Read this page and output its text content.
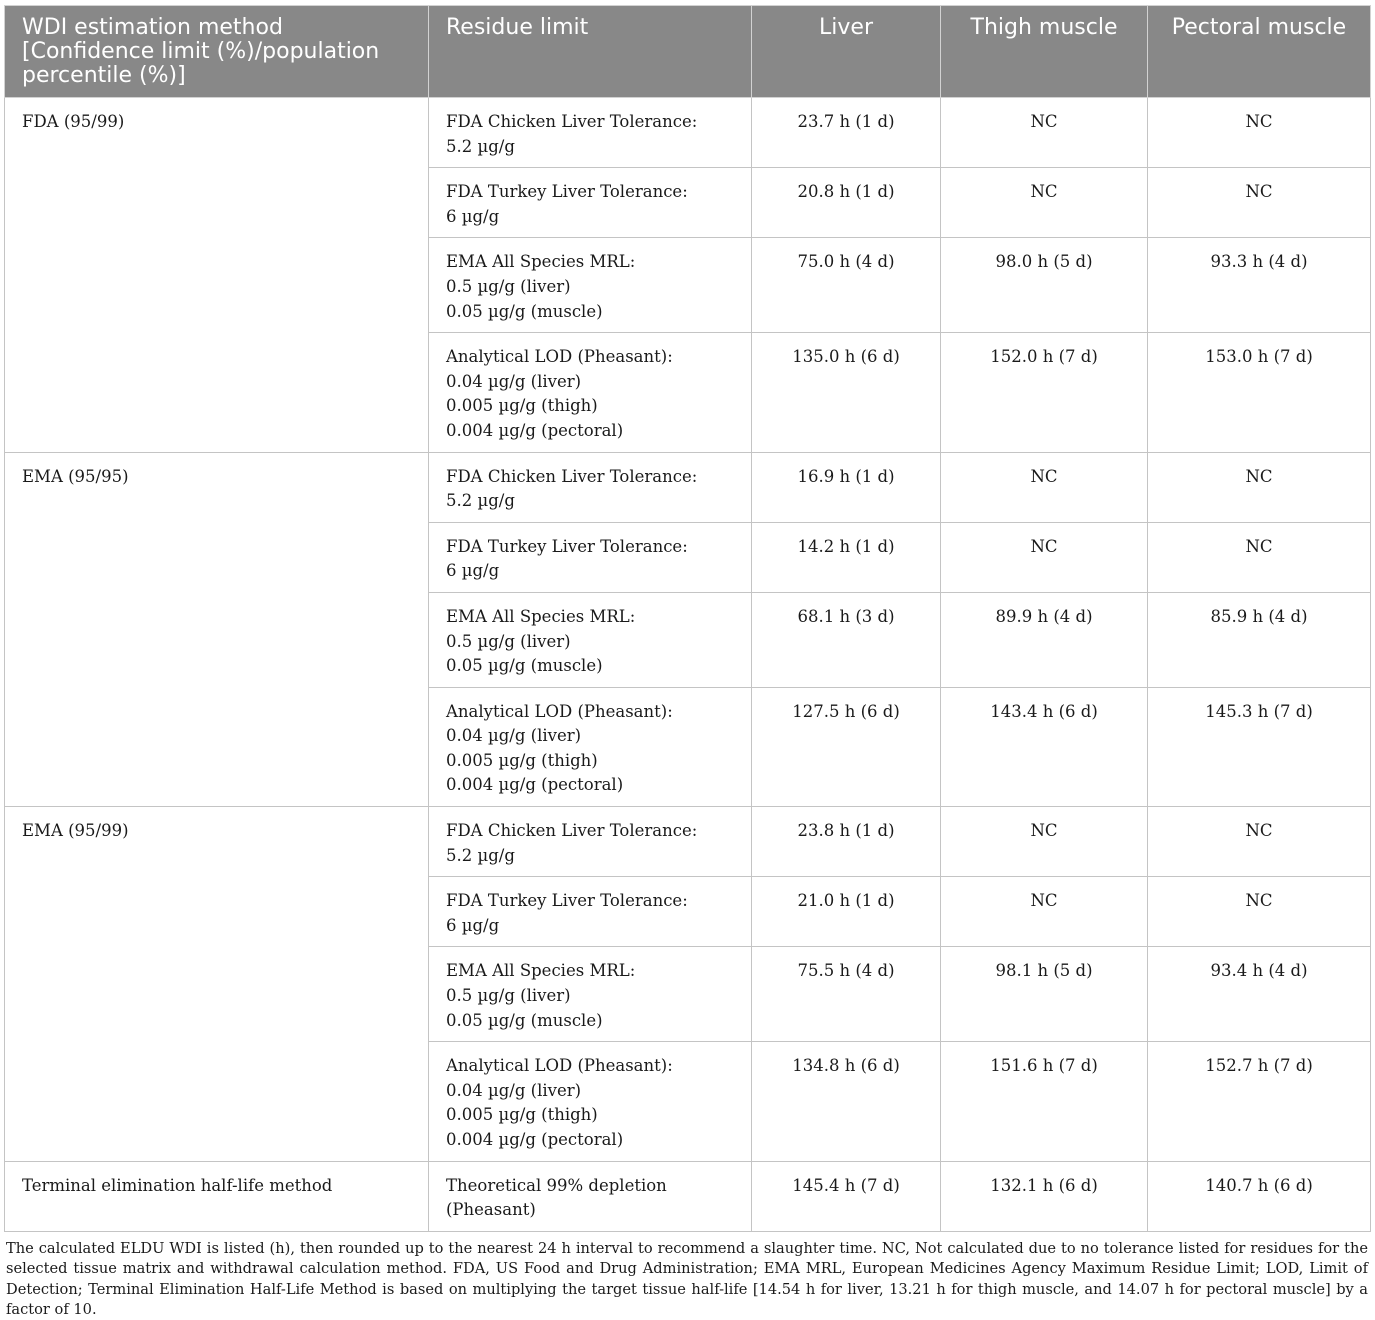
WDI estimation method
[Confidence limit (%)/population
percentile (%)]	Residue limit	Liver	Thigh muscle	Pectoral muscle

FDA (95/99)	FDA Chicken Liver Tolerance:
5.2 µg/g	23.7 h (1 d)	NC	NC

	FDA Turkey Liver Tolerance:
6 µg/g	20.8 h (1 d)	NC	NC

	EMA All Species MRL:
0.5 µg/g (liver)
0.05 µg/g (muscle)	75.0 h (4 d)	98.0 h (5 d)	93.3 h (4 d)

	Analytical LOD (Pheasant):
0.04 µg/g (liver)
0.005 µg/g (thigh)
0.004 µg/g (pectoral)	135.0 h (6 d)	152.0 h (7 d)	153.0 h (7 d)
EMA (95/95)	FDA Chicken Liver Tolerance:
5.2 µg/g	16.9 h (1 d)	NC	NC

	FDA Turkey Liver Tolerance:
6 µg/g	14.2 h (1 d)	NC	NC

	EMA All Species MRL:
0.5 µg/g (liver)
0.05 µg/g (muscle)	68.1 h (3 d)	89.9 h (4 d)	85.9 h (4 d)

	Analytical LOD (Pheasant):
0.04 µg/g (liver)
0.005 µg/g (thigh)
0.004 µg/g (pectoral)	127.5 h (6 d)	143.4 h (6 d)	145.3 h (7 d)
EMA (95/99)	FDA Chicken Liver Tolerance:
5.2 µg/g	23.8 h (1 d)	NC	NC

	FDA Turkey Liver Tolerance:
6 µg/g	21.0 h (1 d)	NC	NC

	EMA All Species MRL:
0.5 µg/g (liver)
0.05 µg/g (muscle)	75.5 h (4 d)	98.1 h (5 d)	93.4 h (4 d)

	Analytical LOD (Pheasant):
0.04 µg/g (liver)
0.005 µg/g (thigh)
0.004 µg/g (pectoral)	134.8 h (6 d)	151.6 h (7 d)	152.7 h (7 d)
Terminal elimination half-life method	Theoretical 99% depletion
(Pheasant)	145.4 h (7 d)	132.1 h (6 d)	140.7 h (6 d)
The calculated ELDU WDI is listed (h), then rounded up to the nearest 24 h interval to recommend a slaughter time. NC, Not calculated due to no tolerance listed for residues for the selected tissue matrix and withdrawal calculation method. FDA, US Food and Drug Administration; EMA MRL, European Medicines Agency Maximum Residue Limit; LOD, Limit of Detection; Terminal Elimination Half-Life Method is based on multiplying the target tissue half-life [14.54 h for liver, 13.21 h for thigh muscle, and 14.07 h for pectoral muscle] by a factor of 10.
